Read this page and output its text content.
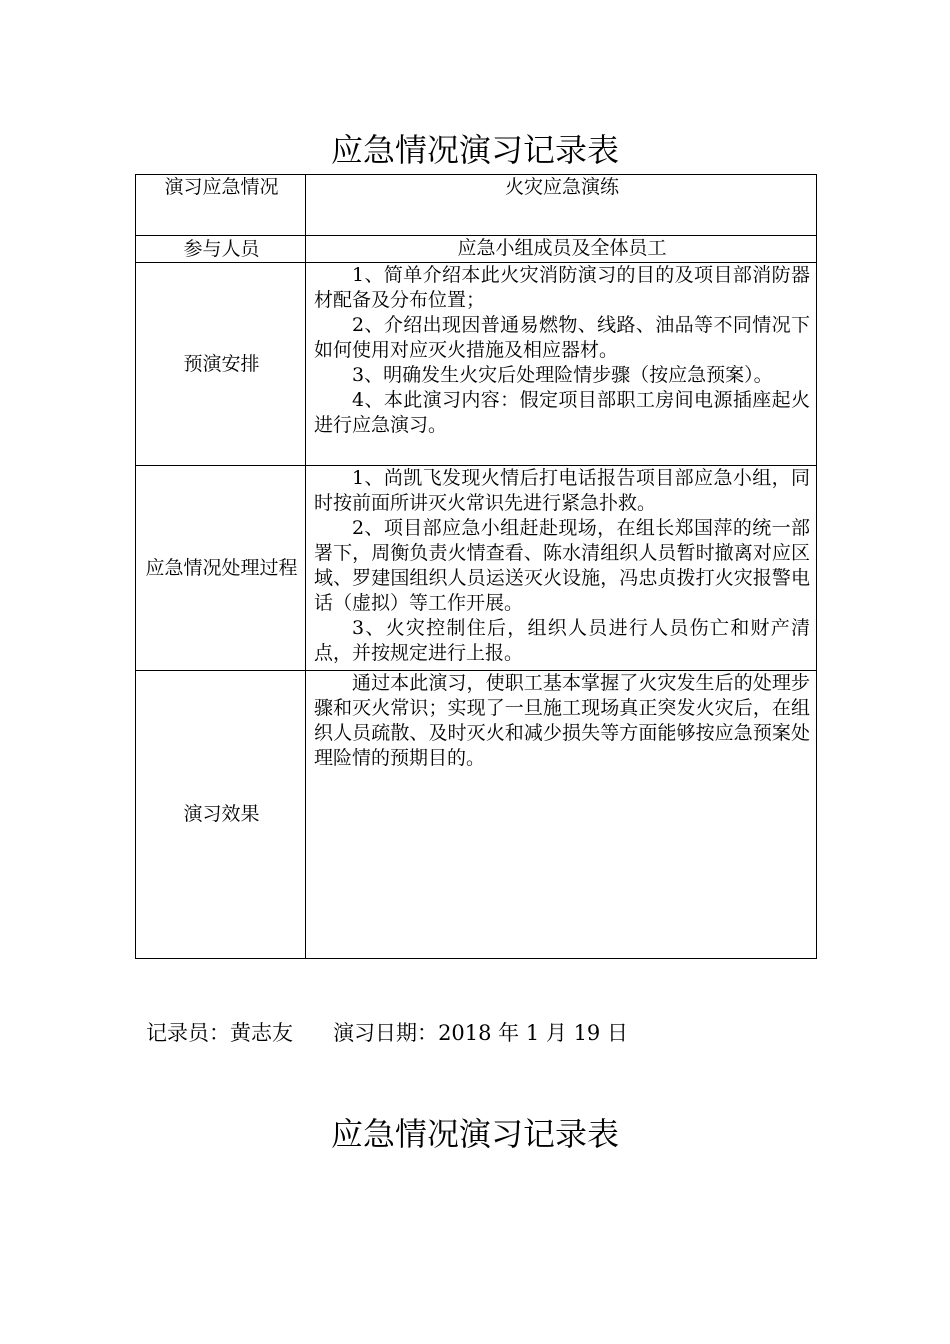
应急情况演习记录表
演习应急情况	火灾应急演练
参与人员	应急小组成员及全体员工
预演安排	1、简单介绍本此火灾消防演习的目的及项目部消防器材配备及分布位置；

2、介绍出现因普通易燃物、线路、油品等不同情况下如何使用对应灭火措施及相应器材。

3、明确发生火灾后处理险情步骤（按应急预案）。

4、本此演习内容：假定项目部职工房间电源插座起火进行应急演习。

应急情况处理过程	1、尚凯飞发现火情后打电话报告项目部应急小组，同时按前面所讲灭火常识先进行紧急扑救。

2、项目部应急小组赶赴现场，在组长郑国萍的统一部署下，周衡负责火情查看、陈水清组织人员暂时撤离对应区域、罗建国组织人员运送灭火设施，冯忠贞拨打火灾报警电话（虚拟）等工作开展。

3、火灾控制住后，组织人员进行人员伤亡和财产清点，并按规定进行上报。

演习效果	通过本此演习，使职工基本掌握了火灾发生后的处理步骤和灭火常识；实现了一旦施工现场真正突发火灾后，在组织人员疏散、及时灭火和减少损失等方面能够按应急预案处理险情的预期目的。

记录员：黄志友 演习日期：2018 年 1 月 19 日
应急情况演习记录表
